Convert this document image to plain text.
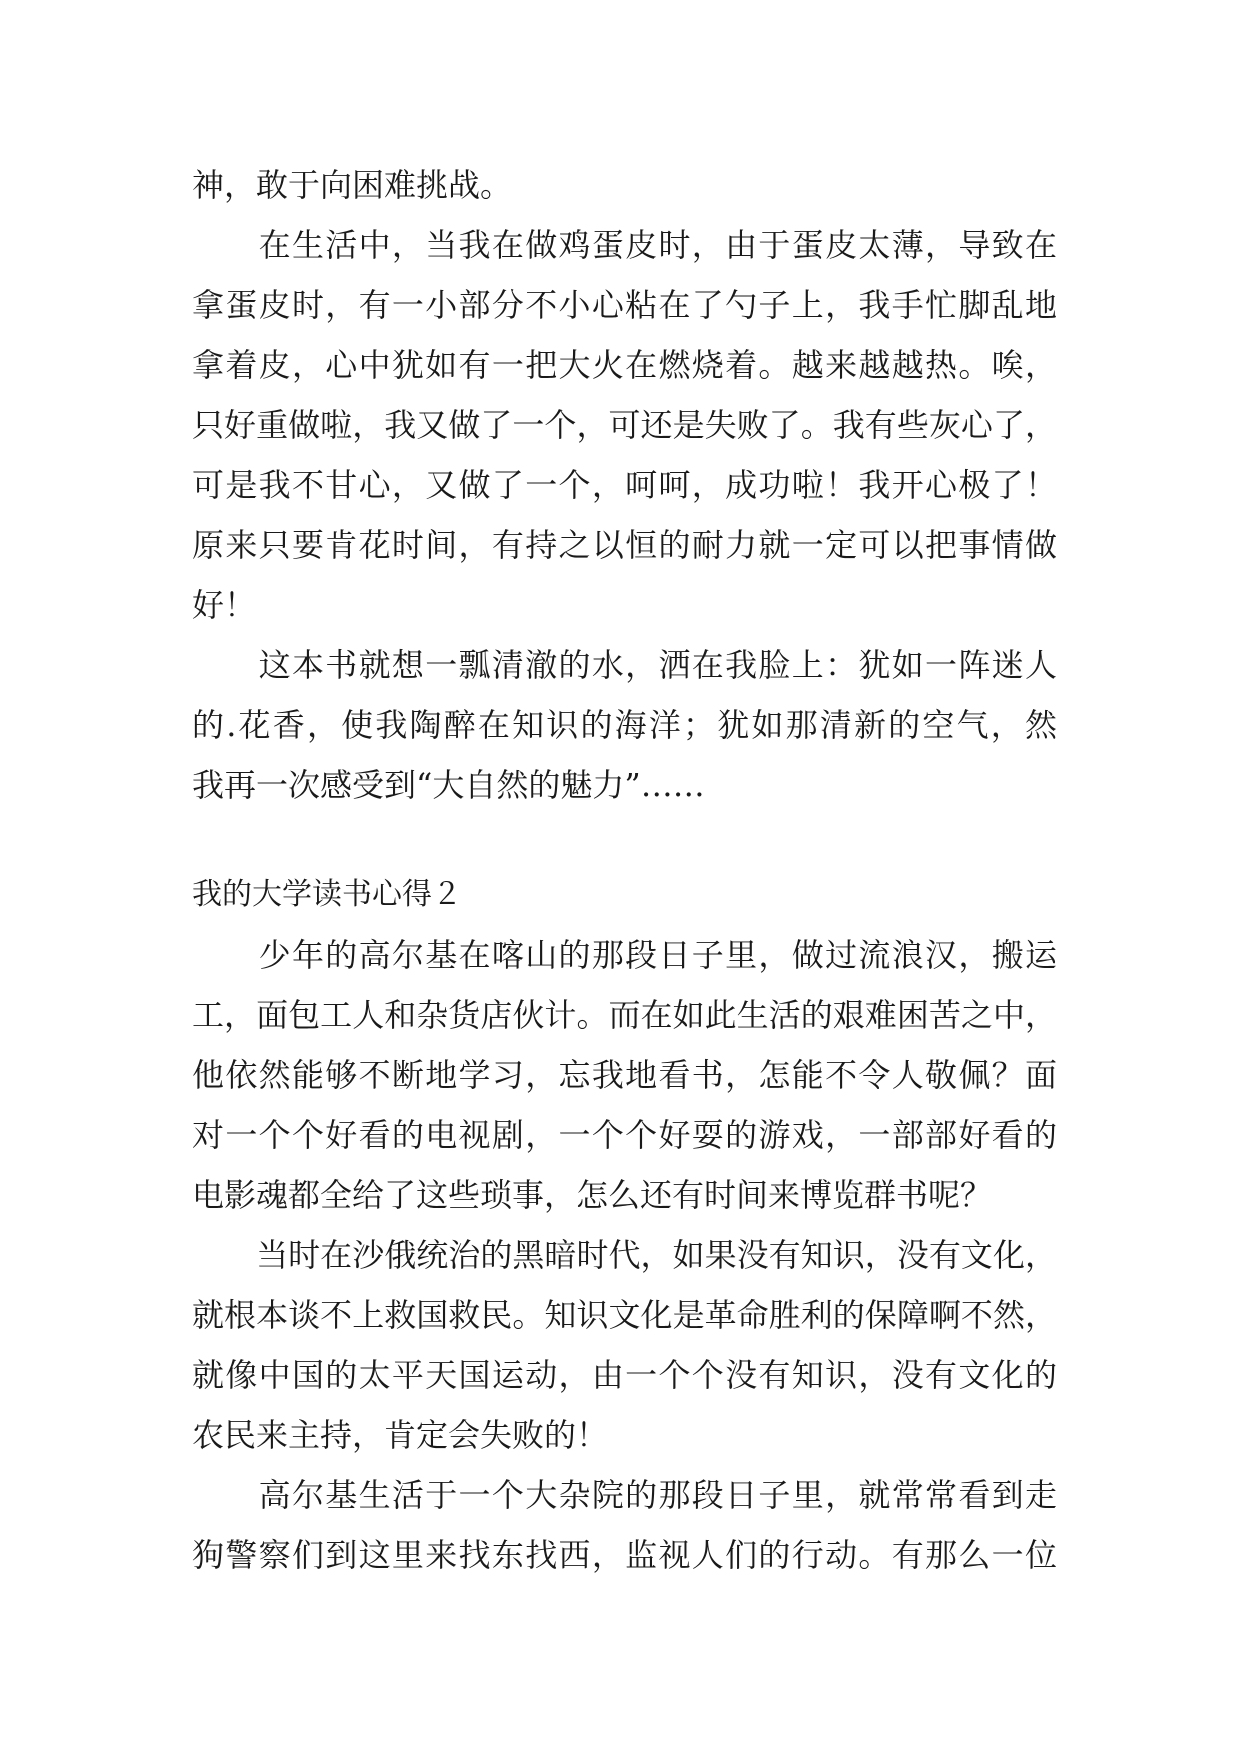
神，敢于向困难挑战。
　　在生活中，当我在做鸡蛋皮时，由于蛋皮太薄，导致在
拿蛋皮时，有一小部分不小心粘在了勺子上，我手忙脚乱地
拿着皮，心中犹如有一把大火在燃烧着。越来越越热。唉，
只好重做啦，我又做了一个，可还是失败了。我有些灰心了，
可是我不甘心，又做了一个，呵呵，成功啦！我开心极了！
原来只要肯花时间，有持之以恒的耐力就一定可以把事情做
好！
　　这本书就想一瓢清澈的水，洒在我脸上：犹如一阵迷人
的.花香，使我陶醉在知识的海洋；犹如那清新的空气，然
我再一次感受到“大自然的魅力”……
我的大学读书心得２
　　少年的高尔基在喀山的那段日子里，做过流浪汉，搬运
工，面包工人和杂货店伙计。而在如此生活的艰难困苦之中，
他依然能够不断地学习，忘我地看书，怎能不令人敬佩？面
对一个个好看的电视剧，一个个好耍的游戏，一部部好看的
电影魂都全给了这些琐事，怎么还有时间来博览群书呢？
　　当时在沙俄统治的黑暗时代，如果没有知识，没有文化，
就根本谈不上救国救民。知识文化是革命胜利的保障啊不然，
就像中国的太平天国运动，由一个个没有知识，没有文化的
农民来主持，肯定会失败的！
　　高尔基生活于一个大杂院的那段日子里，就常常看到走
狗警察们到这里来找东找西，监视人们的行动。有那么一位
